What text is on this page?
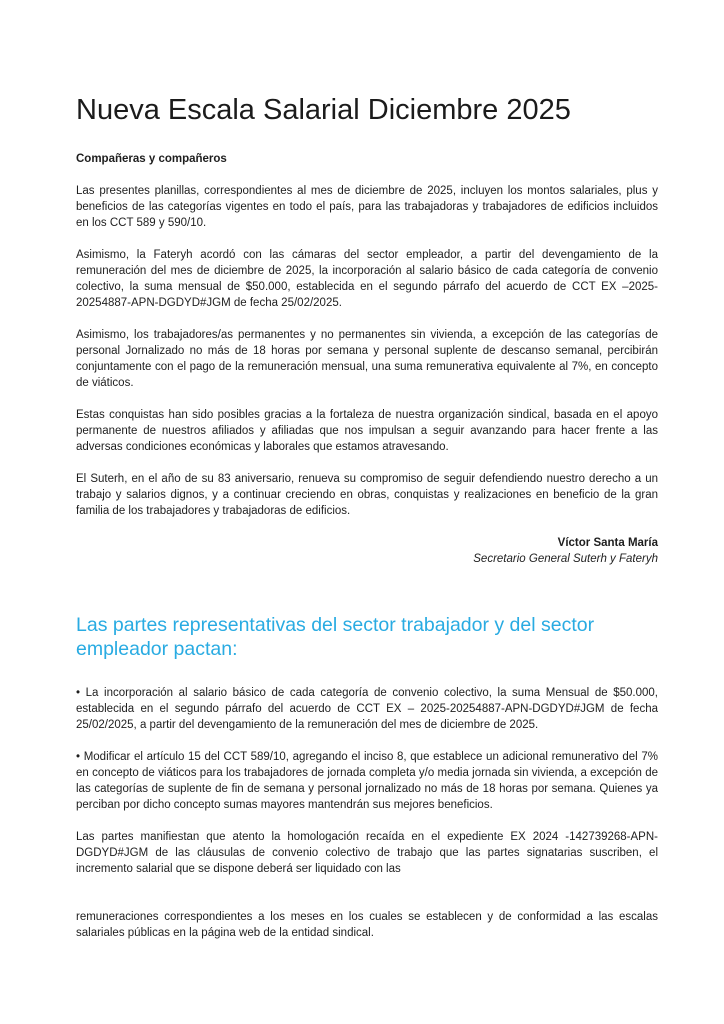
Nueva Escala Salarial Diciembre 2025
Compañeras y compañeros

Las presentes planillas, correspondientes al mes de diciembre de 2025, incluyen los montos salariales, plus y beneficios de las categorías vigentes en todo el país, para las trabajadoras y trabajadores de edificios incluidos en los CCT 589 y 590/10.

Asimismo, la Fateryh acordó con las cámaras del sector empleador, a partir del devengamiento de la remuneración del mes de diciembre de 2025, la incorporación al salario básico de cada categoría de convenio colectivo, la suma mensual de $50.000, establecida en el segundo párrafo del acuerdo de CCT EX –2025-20254887-APN-DGDYD#JGM de fecha 25/02/2025.

Asimismo, los trabajadores/as permanentes y no permanentes sin vivienda, a excepción de las categorías de personal Jornalizado no más de 18 horas por semana y personal suplente de descanso semanal, percibirán conjuntamente con el pago de la remuneración mensual, una suma remunerativa equivalente al 7%, en concepto de viáticos.

Estas conquistas han sido posibles gracias a la fortaleza de nuestra organización sindical, basada en el apoyo permanente de nuestros afiliados y afiliadas que nos impulsan a seguir avanzando para hacer frente a las adversas condiciones económicas y laborales que estamos atravesando.

El Suterh, en el año de su 83 aniversario, renueva su compromiso de seguir defendiendo nuestro derecho a un trabajo y salarios dignos, y a continuar creciendo en obras, conquistas y realizaciones en beneficio de la gran familia de los trabajadores y trabajadoras de edificios.

Víctor Santa María
Secretario General Suterh y Fateryh
Las partes representativas del sector trabajador y del sector empleador pactan:

• La incorporación al salario básico de cada categoría de convenio colectivo, la suma Mensual de $50.000, establecida en el segundo párrafo del acuerdo de CCT EX – 2025-20254887-APN-DGDYD#JGM de fecha 25/02/2025, a partir del devengamiento de la remuneración del mes de diciembre de 2025.

• Modificar el artículo 15 del CCT 589/10, agregando el inciso 8, que establece un adicional remunerativo del 7% en concepto de viáticos para los trabajadores de jornada completa y/o media jornada sin vivienda, a excepción de las categorías de suplente de fin de semana y personal jornalizado no más de 18 horas por semana. Quienes ya perciban por dicho concepto sumas mayores mantendrán sus mejores beneficios.

Las partes manifiestan que atento la homologación recaída en el expediente EX 2024 -142739268-APN-DGDYD#JGM de las cláusulas de convenio colectivo de trabajo que las partes signatarias suscriben, el incremento salarial que se dispone deberá ser liquidado con las

remuneraciones correspondientes a los meses en los cuales se establecen y de conformidad a las escalas salariales públicas en la página web de la entidad sindical.
